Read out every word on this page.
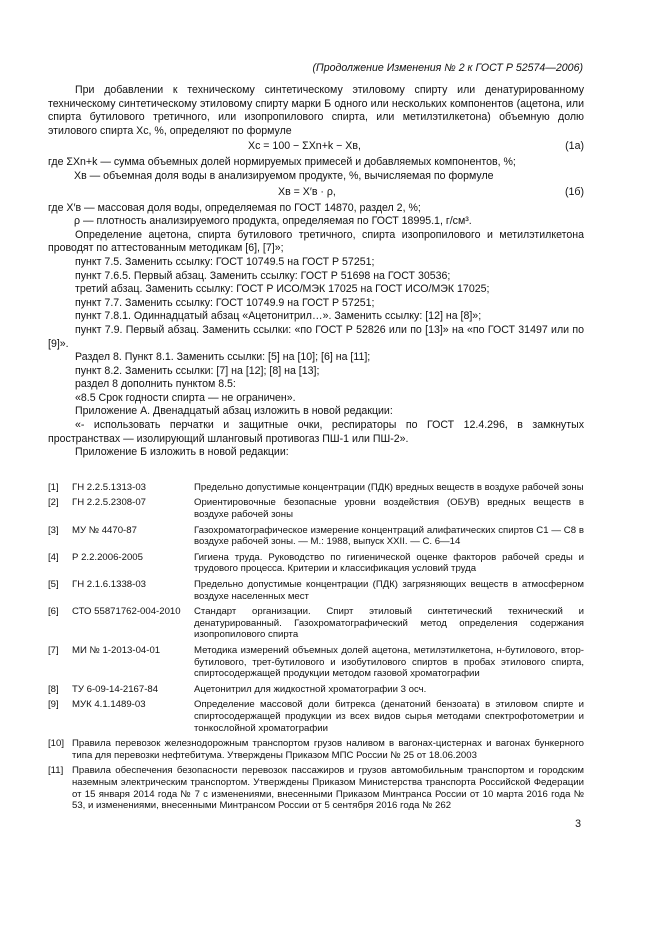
(Продолжение Изменения № 2 к ГОСТ Р 52574—2006)

При добавлении к техническому синтетическому этиловому спирту или денатурированному техническому синтетическому этиловому спирту марки Б одного или нескольких компонентов (ацетона, или спирта бутилового третичного, или изопропилового спирта, или метилэтилкетона) объемную долю этилового спирта Xс, %, определяют по формуле

Xс = 100 − ΣXn+k − Xв,	(1а)

где ΣXn+k — сумма объемных долей нормируемых примесей и добавляемых компонентов, %;

Xв — объемная доля воды в анализируемом продукте, %, вычисляемая по формуле

Xв = X′в · ρ,	(1б)

где X′в — массовая доля воды, определяемая по ГОСТ 14870, раздел 2, %;

ρ — плотность анализируемого продукта, определяемая по ГОСТ 18995.1, г/см³.

Определение ацетона, спирта бутилового третичного, спирта изопропилового и метилэтилкетона проводят по аттестованным методикам [6], [7]»;

пункт 7.5. Заменить ссылку: ГОСТ 10749.5 на ГОСТ Р 57251;

пункт 7.6.5. Первый абзац. Заменить ссылку: ГОСТ Р 51698 на ГОСТ 30536;

третий абзац. Заменить ссылку: ГОСТ Р ИСО/МЭК 17025 на ГОСТ ИСО/МЭК 17025;

пункт 7.7. Заменить ссылку: ГОСТ 10749.9 на ГОСТ Р 57251;

пункт 7.8.1. Одиннадцатый абзац «Ацетонитрил…». Заменить ссылку: [12] на [8]»;

пункт 7.9. Первый абзац. Заменить ссылки: «по ГОСТ Р 52826 или по [13]» на «по ГОСТ 31497 или по [9]».

Раздел 8. Пункт 8.1. Заменить ссылки: [5] на [10]; [6] на [11];

пункт 8.2. Заменить ссылки: [7] на [12]; [8] на [13];

раздел 8 дополнить пунктом 8.5:

«8.5 Срок годности спирта — не ограничен».

Приложение А. Двенадцатый абзац изложить в новой редакции:

«- использовать перчатки и защитные очки, респираторы по ГОСТ 12.4.296, в замкнутых пространствах — изолирующий шланговый противогаз ПШ-1 или ПШ-2».

Приложение Б изложить в новой редакции:

[1]	ГН 2.2.5.1313-03	Предельно допустимые концентрации (ПДК) вредных веществ в воздухе рабочей зоны
[2]	ГН 2.2.5.2308-07	Ориентировочные безопасные уровни воздействия (ОБУВ) вредных веществ в воздухе рабочей зоны
[3]	МУ № 4470-87	Газохроматографическое измерение концентраций алифатических спиртов C1 — C8 в воздухе рабочей зоны. — М.: 1988, выпуск XXII. — С. 6—14
[4]	Р 2.2.2006-2005	Гигиена труда. Руководство по гигиенической оценке факторов рабочей среды и трудового процесса. Критерии и классификация условий труда
[5]	ГН 2.1.6.1338-03	Предельно допустимые концентрации (ПДК) загрязняющих веществ в атмосферном воздухе населенных мест
[6]	СТО 55871762-004-2010	Стандарт организации. Спирт этиловый синтетический технический и денатурированный. Газохроматографический метод определения содержания изопропилового спирта
[7]	МИ № 1-2013-04-01	Методика измерений объемных долей ацетона, метилэтилкетона, н-бутилового, втор-бутилового, трет-бутилового и изобутилового спиртов в пробах этилового спирта, спиртосодержащей продукции методом газовой хроматографии
[8]	ТУ 6-09-14-2167-84	Ацетонитрил для жидкостной хроматографии 3 осч.
[9]	МУК 4.1.1489-03	Определение массовой доли битрекса (денатоний бензоата) в этиловом спирте и спиртосодержащей продукции из всех видов сырья методами спектрофотометрии и тонкослойной хроматографии
[10]	Правила перевозок железнодорожным транспортом грузов наливом в вагонах-цистернах и вагонах бункерного типа для перевозки нефтебитума. Утверждены Приказом МПС России № 25 от 18.06.2003	
[11]	Правила обеспечения безопасности перевозок пассажиров и грузов автомобильным транспортом и городским наземным электрическим транспортом. Утверждены Приказом Министерства транспорта Российской Федерации от 15 января 2014 года № 7 с изменениями, внесенными Приказом Минтранса России от 10 марта 2016 года № 53, и изменениями, внесенными Минтрансом России от 5 сентября 2016 года № 262	
3
